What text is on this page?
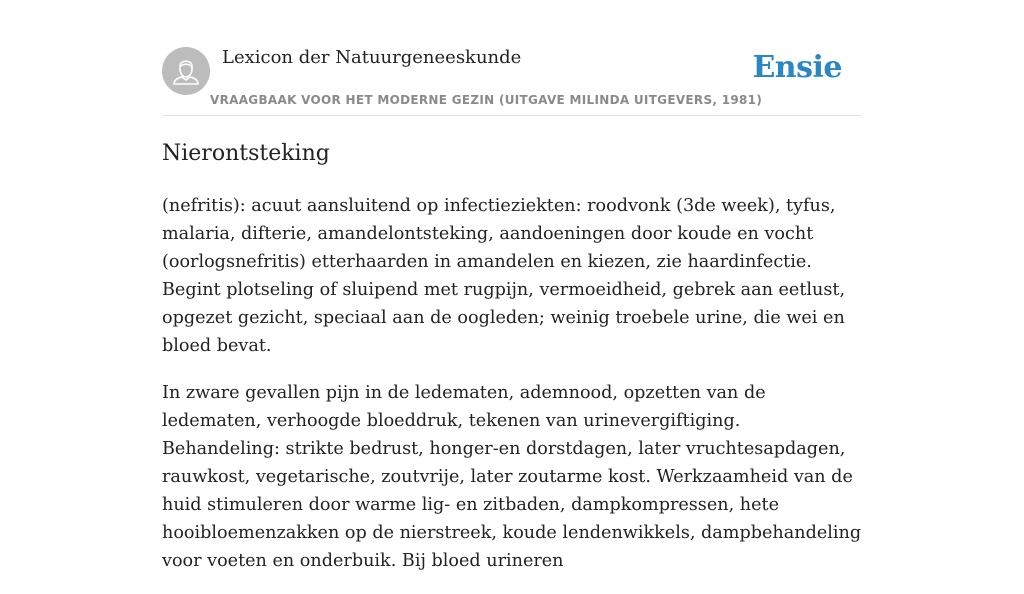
Lexicon der Natuurgeneeskunde
VRAAGBAAK VOOR HET MODERNE GEZIN (UITGAVE MILINDA UITGEVERS, 1981)
Ensie
Nierontsteking

(nefritis): acuut aansluitend op infectieziekten: roodvonk (3de week), tyfus, malaria, difterie, amandelontsteking, aandoeningen door koude en vocht (oorlogsnefritis) etterhaarden in amandelen en kiezen, zie haardinfectie. Begint plotseling of sluipend met rugpijn, vermoeidheid, gebrek aan eetlust, opgezet gezicht, speciaal aan de oogleden; weinig troebele urine, die wei en bloed bevat.

In zware gevallen pijn in de ledematen, ademnood, opzetten van de ledematen, verhoogde bloeddruk, tekenen van urinevergiftiging. Behandeling: strikte bedrust, honger-en dorstdagen, later vruchtesapdagen, rauwkost, vegetarische, zoutvrije, later zoutarme kost. Werkzaamheid van de huid stimuleren door warme lig- en zitbaden, dampkompressen, hete hooibloemenzakken op de nierstreek, koude lendenwikkels, dampbehandeling voor voeten en onderbuik. Bij bloed urineren
